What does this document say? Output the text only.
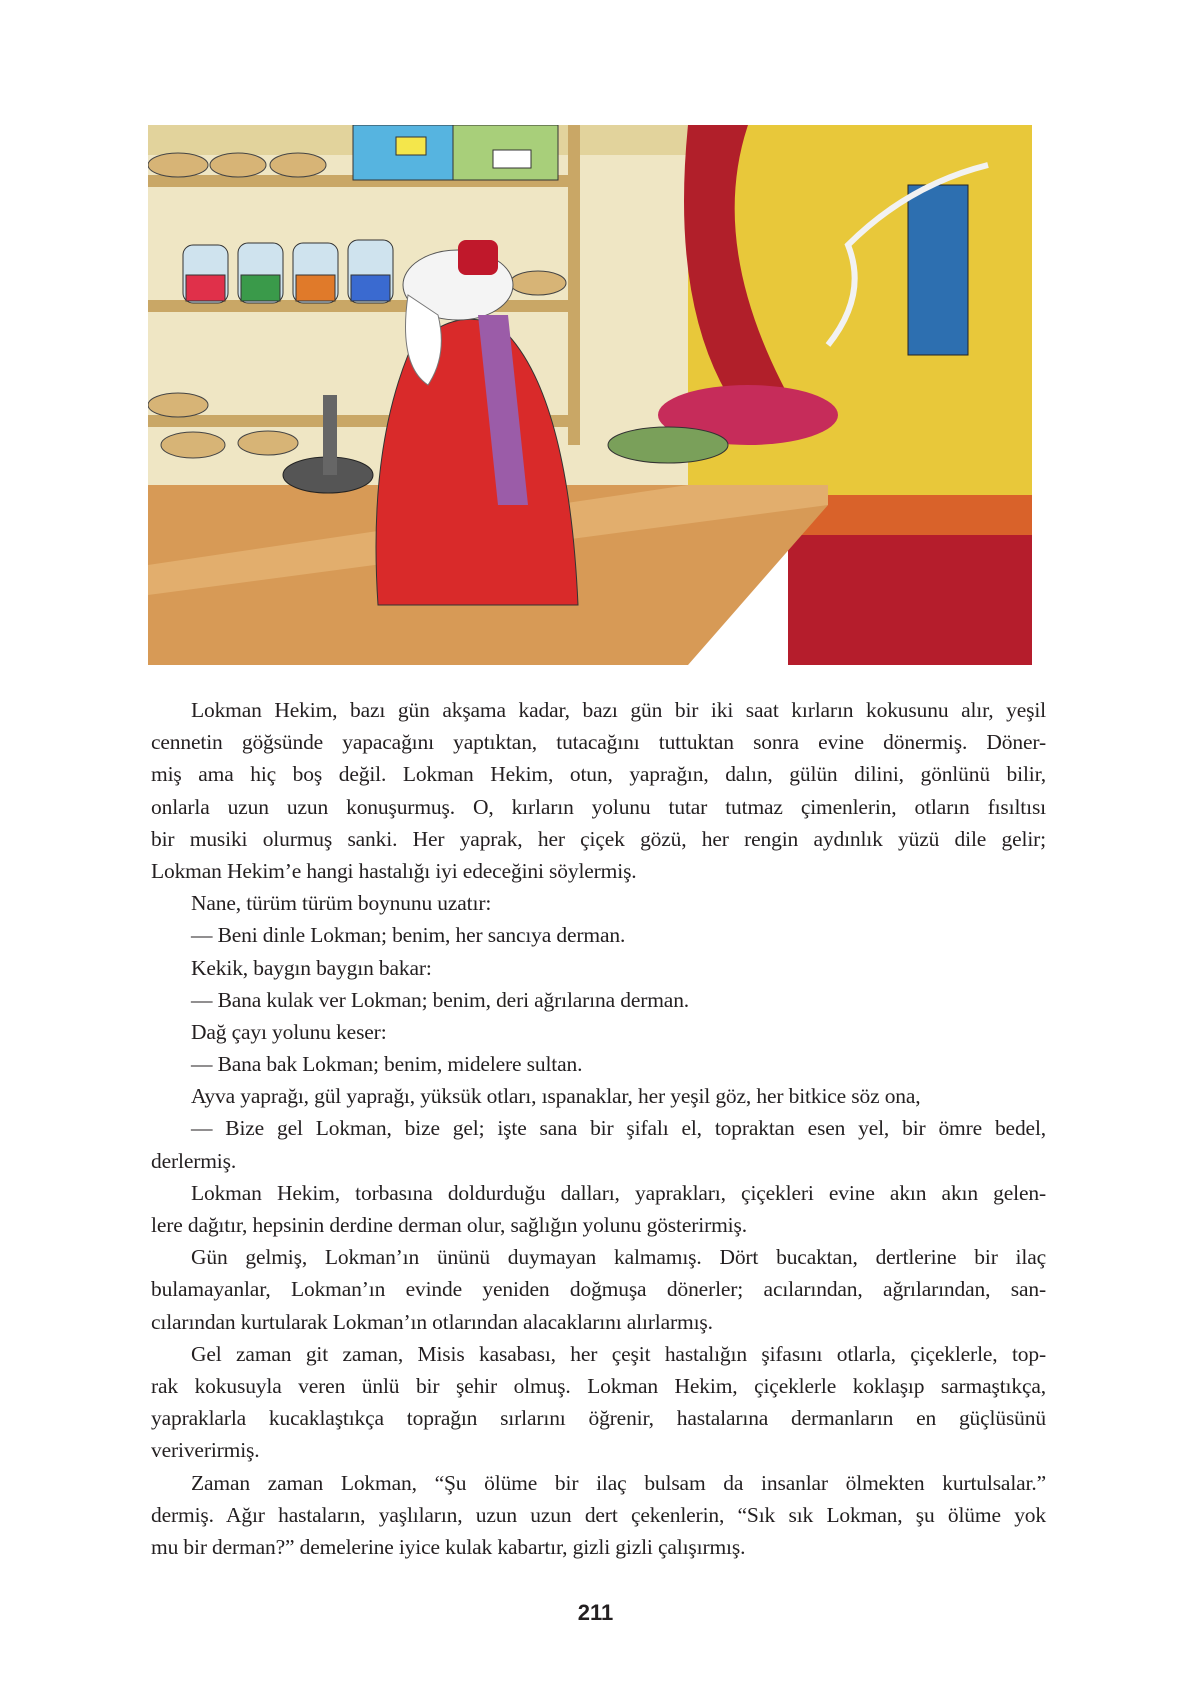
Lokman Hekim, bazı gün akşama kadar, bazı gün bir iki saat kırların kokusunu alır, yeşil
cennetin göğsünde yapacağını yaptıktan, tutacağını tuttuktan sonra evine dönermiş. Döner-
miş ama hiç boş değil. Lokman Hekim, otun, yaprağın, dalın, gülün dilini, gönlünü bilir,
onlarla uzun uzun konuşurmuş. O, kırların yolunu tutar tutmaz çimenlerin, otların fısıltısı
bir musiki olurmuş sanki. Her yaprak, her çiçek gözü, her rengin aydınlık yüzü dile gelir;
Lokman Hekim’e hangi hastalığı iyi edeceğini söylermiş.
Nane, türüm türüm boynunu uzatır:
— Beni dinle Lokman; benim, her sancıya derman.
Kekik, baygın baygın bakar:
— Bana kulak ver Lokman; benim, deri ağrılarına derman.
Dağ çayı yolunu keser:
— Bana bak Lokman; benim, midelere sultan.
Ayva yaprağı, gül yaprağı, yüksük otları, ıspanaklar, her yeşil göz, her bitkice söz ona,
— Bize gel Lokman, bize gel; işte sana bir şifalı el, topraktan esen yel, bir ömre bedel,
derlermiş.
Lokman Hekim, torbasına doldurduğu dalları, yaprakları, çiçekleri evine akın akın gelen-
lere dağıtır, hepsinin derdine derman olur, sağlığın yolunu gösterirmiş.
Gün gelmiş, Lokman’ın ününü duymayan kalmamış. Dört bucaktan, dertlerine bir ilaç
bulamayanlar, Lokman’ın evinde yeniden doğmuşa dönerler; acılarından, ağrılarından, san-
cılarından kurtularak Lokman’ın otlarından alacaklarını alırlarmış.
Gel zaman git zaman, Misis kasabası, her çeşit hastalığın şifasını otlarla, çiçeklerle, top-
rak kokusuyla veren ünlü bir şehir olmuş. Lokman Hekim, çiçeklerle koklaşıp sarmaştıkça,
yapraklarla kucaklaştıkça toprağın sırlarını öğrenir, hastalarına dermanların en güçlüsünü
veriverirmiş.
Zaman zaman Lokman, “Şu ölüme bir ilaç bulsam da insanlar ölmekten kurtulsalar.”
dermiş. Ağır hastaların, yaşlıların, uzun uzun dert çekenlerin, “Sık sık Lokman, şu ölüme yok
mu bir derman?” demelerine iyice kulak kabartır, gizli gizli çalışırmış.
211
